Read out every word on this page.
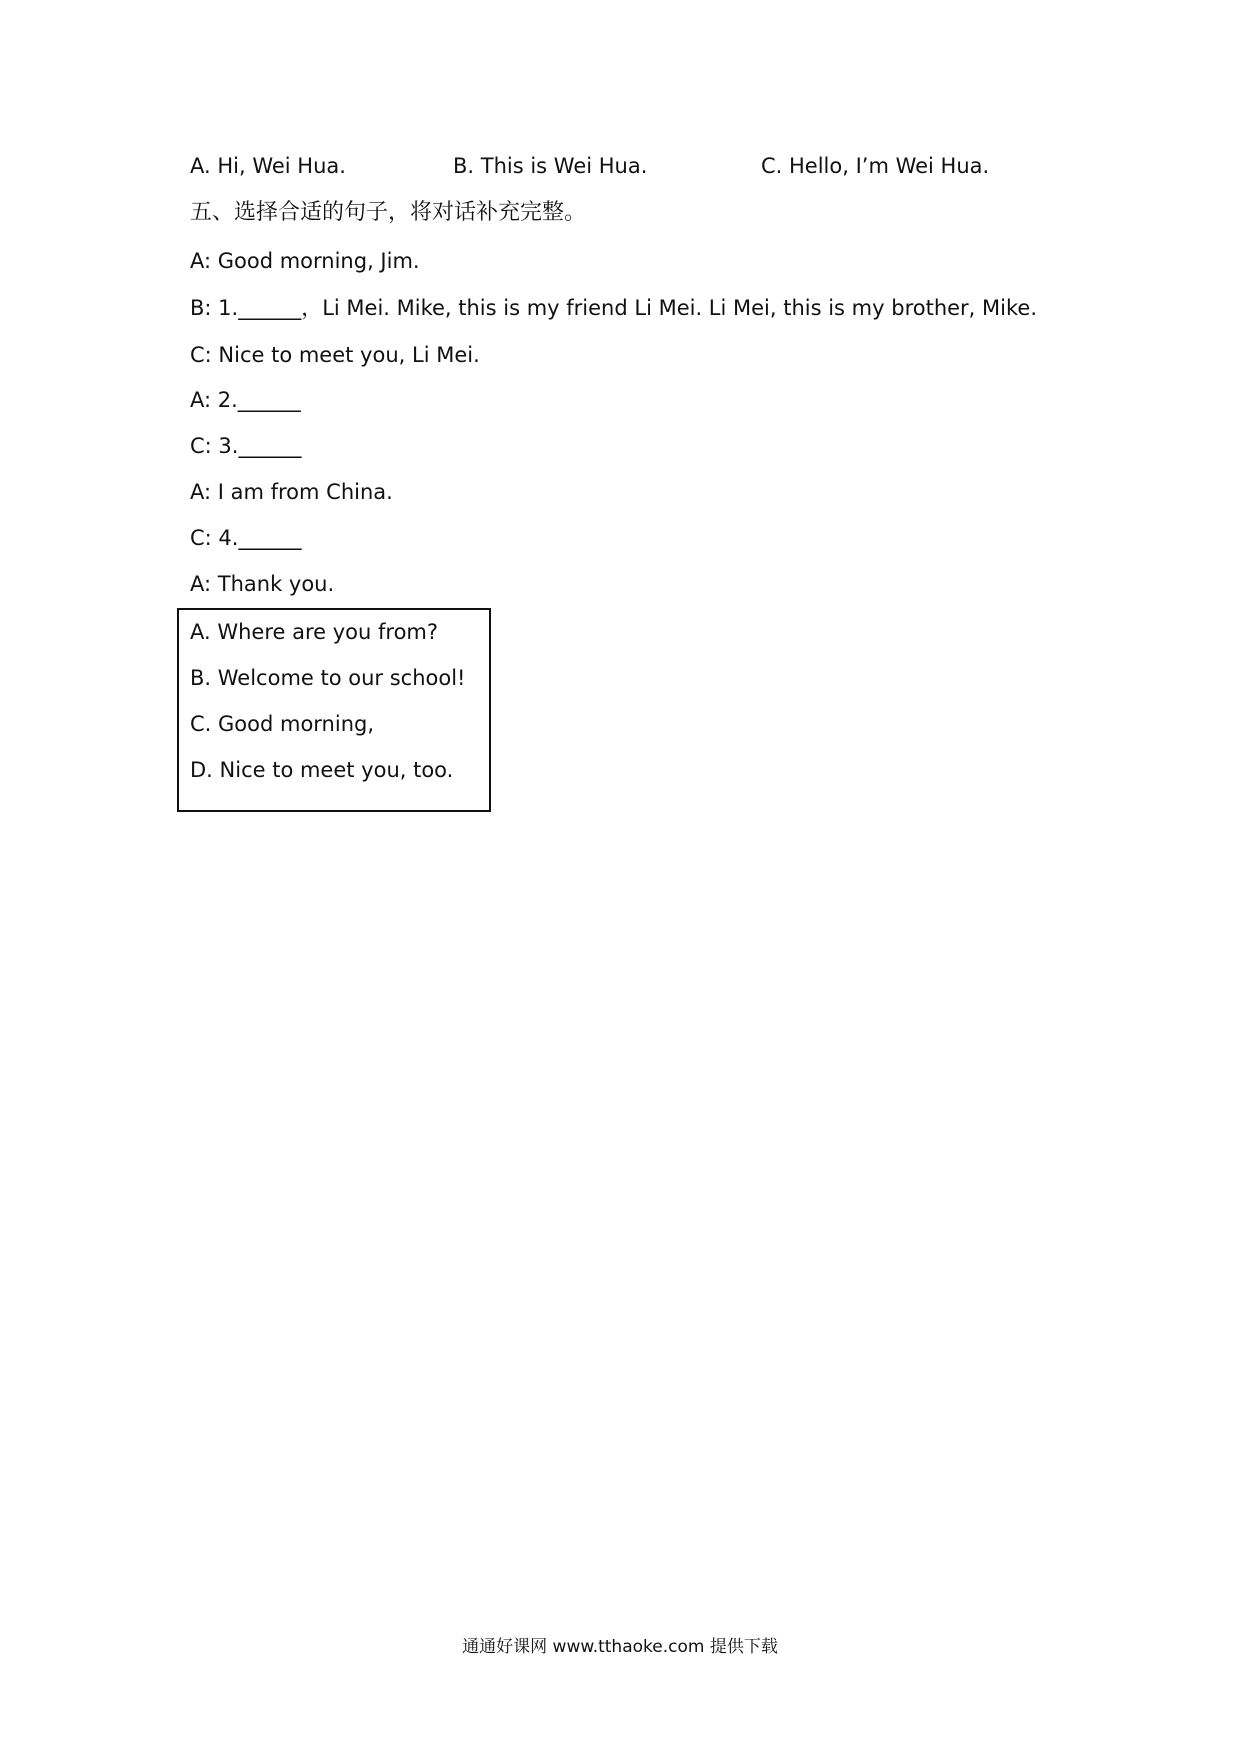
A. Hi, Wei Hua.	B. This is Wei Hua.	C. Hello, I’m Wei Hua.
五、选择合适的句子，将对话补充完整。
A: Good morning, Jim.
B: 1.______，Li Mei. Mike, this is my friend Li Mei. Li Mei, this is my brother, Mike.
C: Nice to meet you, Li Mei.
A: 2.______
C: 3.______
A: I am from China.
C: 4.______
A: Thank you.
A. Where are you from?
B. Welcome to our school!
C. Good morning,
D. Nice to meet you, too.
通通好课网 www.tthaoke.com 提供下载
